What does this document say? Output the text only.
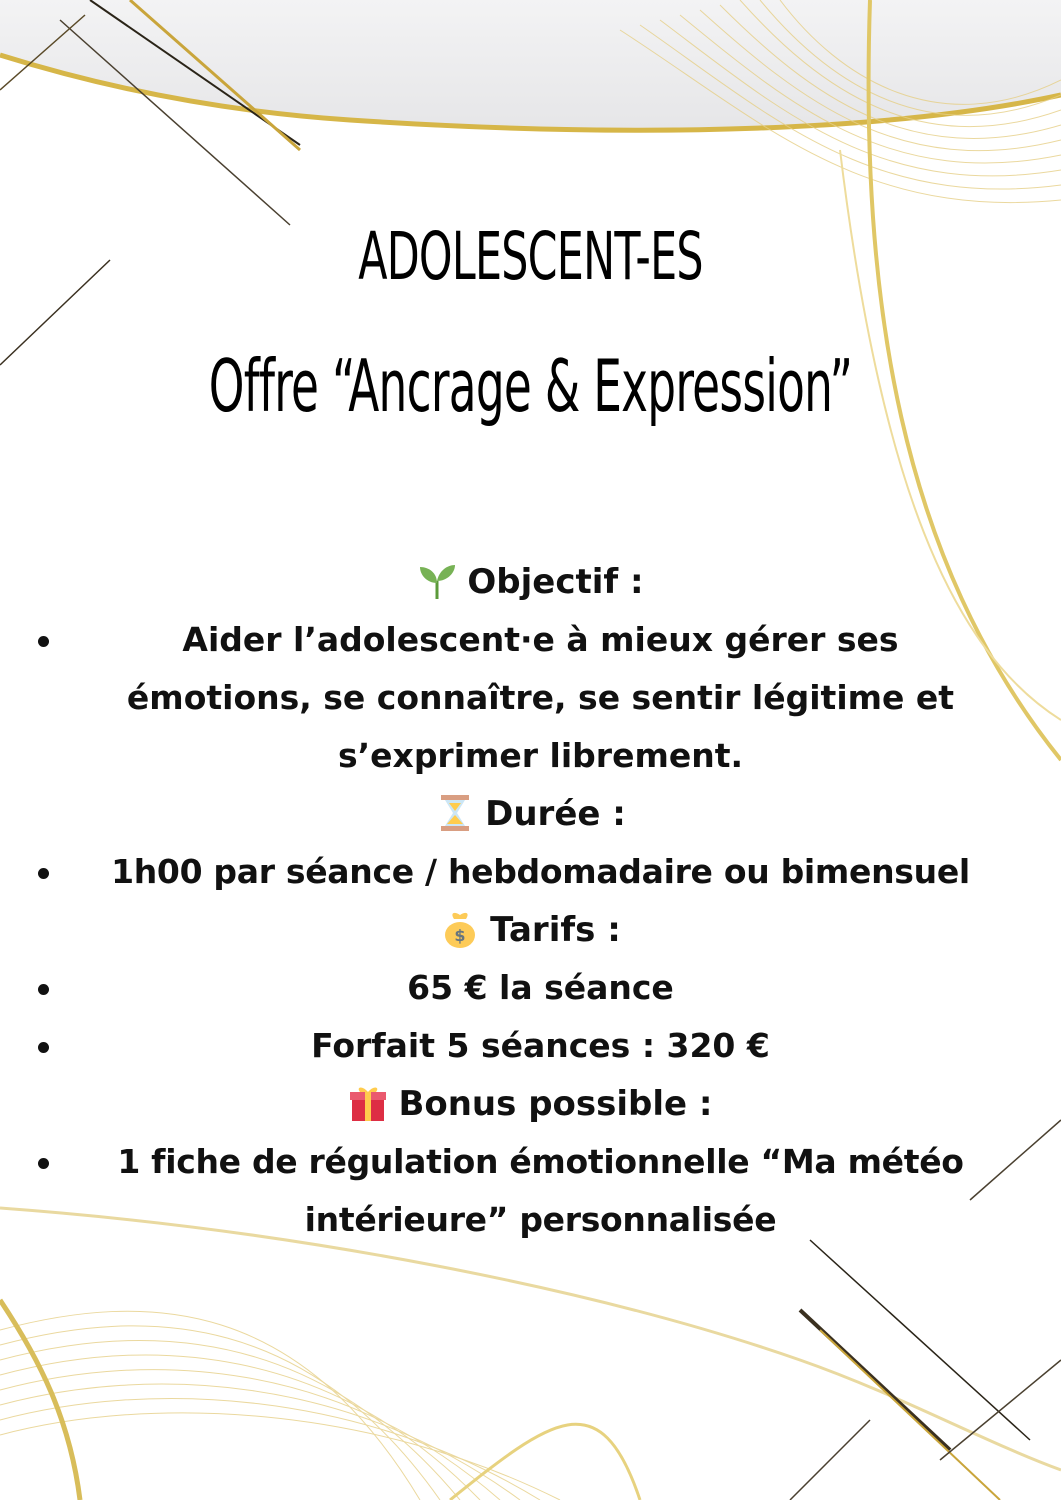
ADOLESCENT-ES
Offre “Ancrage & Expression”
Objectif :
Aider l’adolescent·e à mieux gérer ses émotions, se connaître, se sentir légitime et s’exprimer librement.
Durée :
1h00 par séance / hebdomadaire ou bimensuel
$ Tarifs :
65 € la séance
Forfait 5 séances : 320 €
Bonus possible :
1 fiche de régulation émotionnelle “Ma météo intérieure” personnalisée
